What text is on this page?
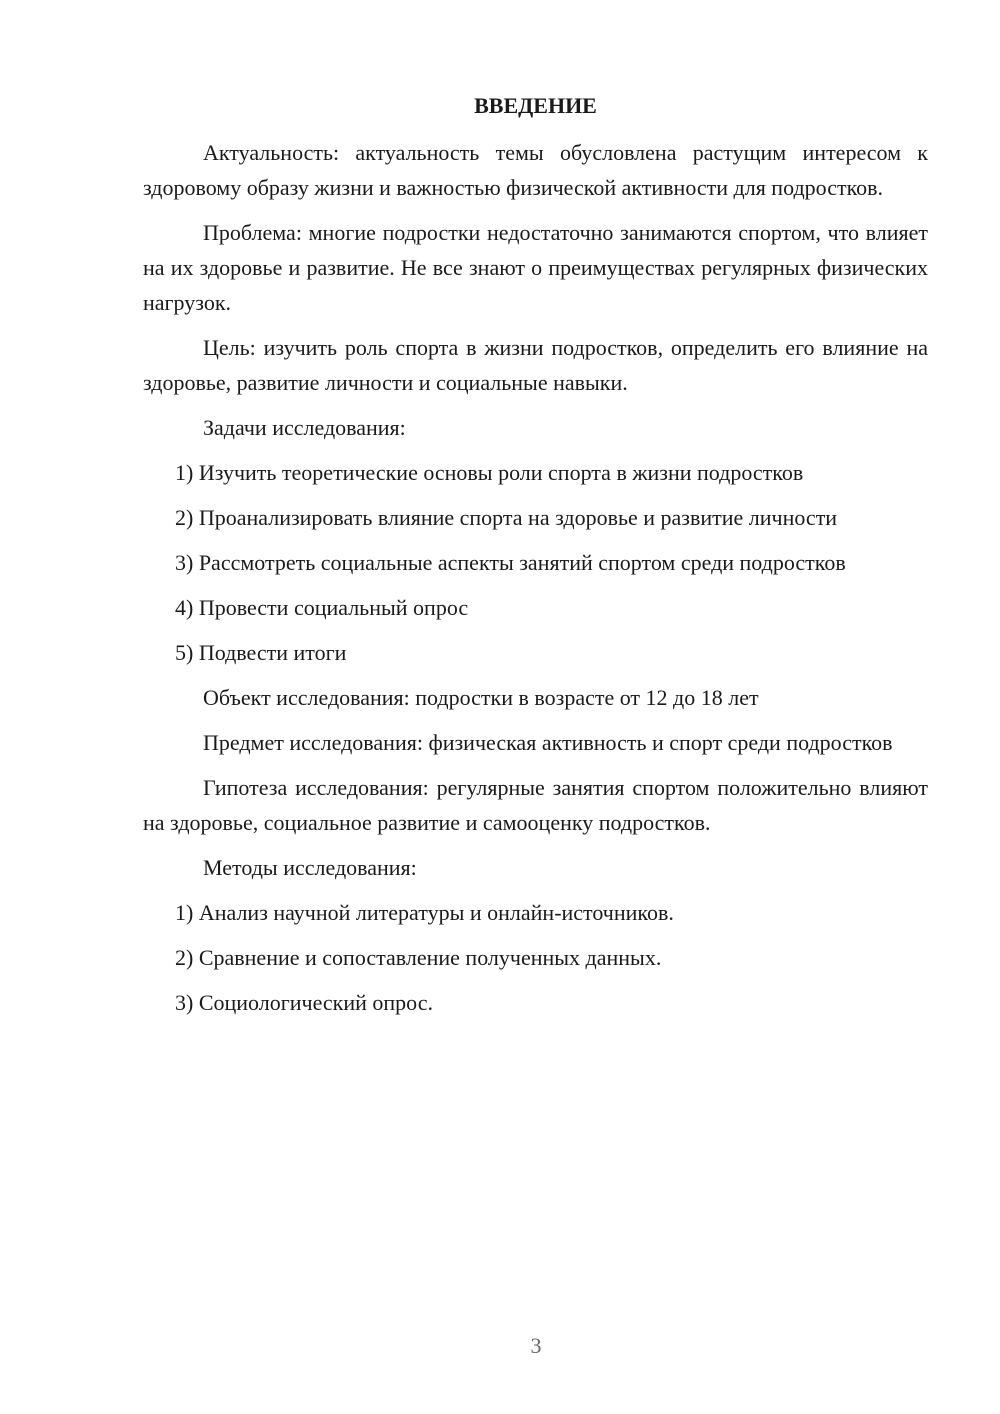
ВВЕДЕНИЕ

Актуальность: актуальность темы обусловлена растущим интересом к здоровому образу жизни и важностью физической активности для подростков.

Проблема: многие подростки недостаточно занимаются спортом, что влияет на их здоровье и развитие. Не все знают о преимуществах регулярных физических нагрузок.

Цель: изучить роль спорта в жизни подростков, определить его влияние на здоровье, развитие личности и социальные навыки.

Задачи исследования:

1) Изучить теоретические основы роли спорта в жизни подростков

2) Проанализировать влияние спорта на здоровье и развитие личности

3) Рассмотреть социальные аспекты занятий спортом среди подростков

4) Провести социальный опрос

5) Подвести итоги

Объект исследования: подростки в возрасте от 12 до 18 лет

Предмет исследования: физическая активность и спорт среди подростков

Гипотеза исследования: регулярные занятия спортом положительно влияют на здоровье, социальное развитие и самооценку подростков.

Методы исследования:

1) Анализ научной литературы и онлайн-источников.

2) Сравнение и сопоставление полученных данных.

3) Социологический опрос.

3
